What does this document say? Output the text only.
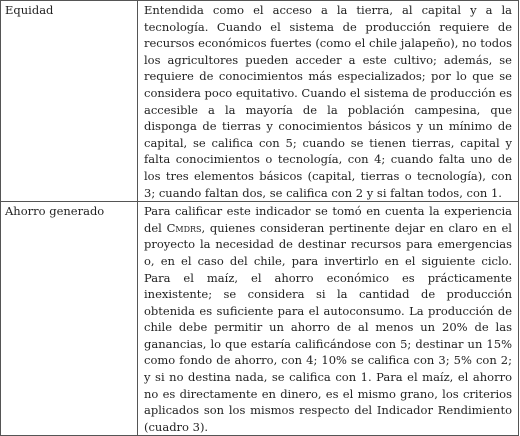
Equidad	Entendida como el acceso a la tierra, al capital y a la tecnología. Cuando el sistema de producción requiere de recursos económicos fuertes (como el chile jalapeño), no todos los agricultores pueden acceder a este cultivo; además, se requiere de conocimientos más especializados; por lo que se considera poco equitativo. Cuando el sistema de producción es accesible a la mayoría de la población campesina, que disponga de tierras y conocimientos básicos y un mínimo de capital, se califica con 5; cuando se tienen tierras, capital y falta conocimientos o tecnología, con 4; cuando falta uno de los tres elementos básicos (capital, tierras o tecnología), con 3; cuando faltan dos, se califica con 2 y si faltan todos, con 1.
Ahorro generado	Para calificar este indicador se tomó en cuenta la experiencia del Cmdrs, quienes consideran pertinente dejar en claro en el proyecto la necesidad de destinar recursos para emergencias o, en el caso del chile, para invertirlo en el siguiente ciclo. Para el maíz, el ahorro económico es prácticamente inexistente; se considera si la cantidad de producción obtenida es suficiente para el autoconsumo. La producción de chile debe permitir un ahorro de al menos un 20% de las ganancias, lo que estaría calificándose con 5; destinar un 15% como fondo de ahorro, con 4; 10% se califica con 3; 5% con 2; y si no destina nada, se califica con 1. Para el maíz, el ahorro no es directamente en dinero, es el mismo grano, los criterios aplicados son los mismos respecto del Indicador Rendimiento (cuadro 3).
